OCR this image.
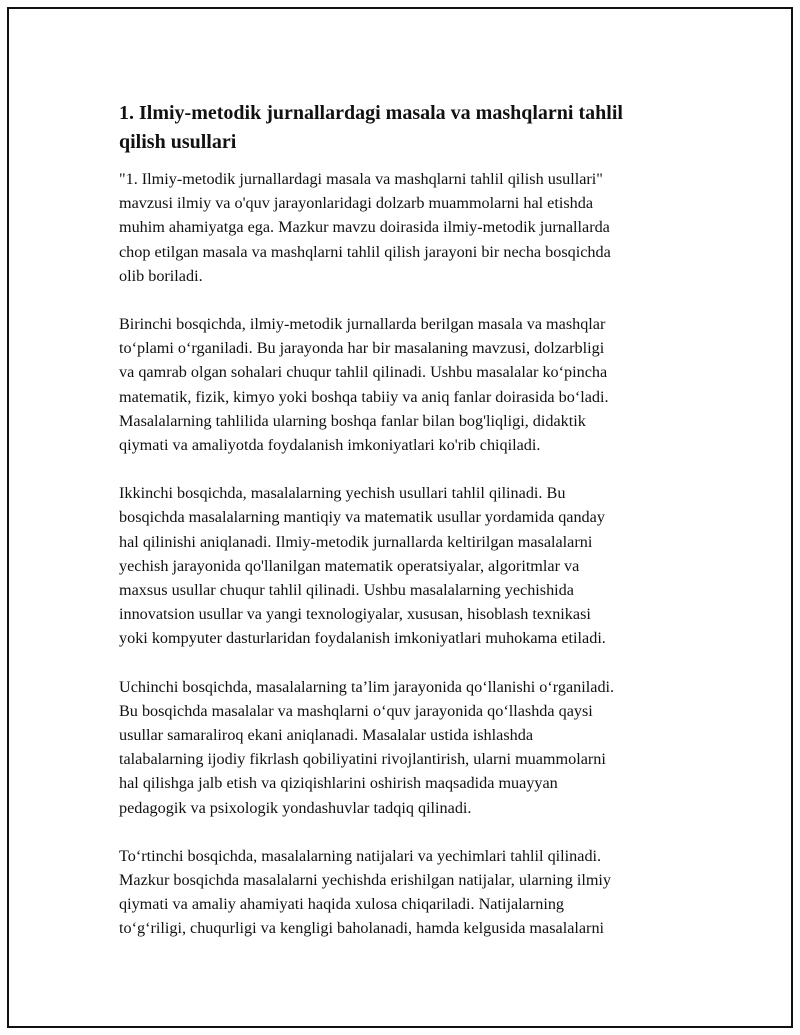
1. Ilmiy-metodik jurnallardagi masala va mashqlarni tahlil
qilish usullari

"1. Ilmiy-metodik jurnallardagi masala va mashqlarni tahlil qilish usullari"
mavzusi ilmiy va o'quv jarayonlaridagi dolzarb muammolarni hal etishda
muhim ahamiyatga ega. Mazkur mavzu doirasida ilmiy-metodik jurnallarda
chop etilgan masala va mashqlarni tahlil qilish jarayoni bir necha bosqichda
olib boriladi.

Birinchi bosqichda, ilmiy-metodik jurnallarda berilgan masala va mashqlar
to‘plami o‘rganiladi. Bu jarayonda har bir masalaning mavzusi, dolzarbligi
va qamrab olgan sohalari chuqur tahlil qilinadi. Ushbu masalalar ko‘pincha
matematik, fizik, kimyo yoki boshqa tabiiy va aniq fanlar doirasida bo‘ladi.
Masalalarning tahlilida ularning boshqa fanlar bilan bog'liqligi, didaktik
qiymati va amaliyotda foydalanish imkoniyatlari ko'rib chiqiladi.

Ikkinchi bosqichda, masalalarning yechish usullari tahlil qilinadi. Bu
bosqichda masalalarning mantiqiy va matematik usullar yordamida qanday
hal qilinishi aniqlanadi. Ilmiy-metodik jurnallarda keltirilgan masalalarni
yechish jarayonida qo'llanilgan matematik operatsiyalar, algoritmlar va
maxsus usullar chuqur tahlil qilinadi. Ushbu masalalarning yechishida
innovatsion usullar va yangi texnologiyalar, xususan, hisoblash texnikasi
yoki kompyuter dasturlaridan foydalanish imkoniyatlari muhokama etiladi.

Uchinchi bosqichda, masalalarning ta’lim jarayonida qo‘llanishi o‘rganiladi.
Bu bosqichda masalalar va mashqlarni o‘quv jarayonida qo‘llashda qaysi
usullar samaraliroq ekani aniqlanadi. Masalalar ustida ishlashda
talabalarning ijodiy fikrlash qobiliyatini rivojlantirish, ularni muammolarni
hal qilishga jalb etish va qiziqishlarini oshirish maqsadida muayyan
pedagogik va psixologik yondashuvlar tadqiq qilinadi.

To‘rtinchi bosqichda, masalalarning natijalari va yechimlari tahlil qilinadi.
Mazkur bosqichda masalalarni yechishda erishilgan natijalar, ularning ilmiy
qiymati va amaliy ahamiyati haqida xulosa chiqariladi. Natijalarning
to‘g‘riligi, chuqurligi va kengligi baholanadi, hamda kelgusida masalalarni
